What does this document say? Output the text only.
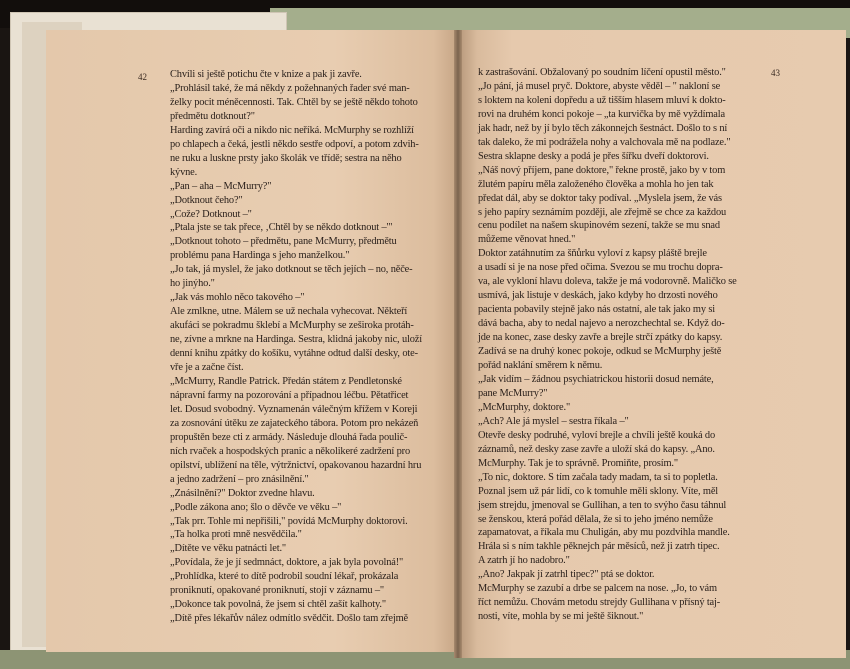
42	43
Chvíli si ještě potichu čte v knize a pak ji zavře.
„Prohlásil také, že má někdy z požehnaných řader své man-
želky pocit méněcennosti. Tak. Chtěl by se ještě někdo tohoto
předmětu dotknout?"
Harding zavírá oči a nikdo nic neříká. McMurphy se rozhlíží
po chlapech a čeká, jestli někdo sestře odpoví, a potom zdvih-
ne ruku a luskne prsty jako školák ve třídě; sestra na něho
kývne.
„Pan – aha – McMurry?"
„Dotknout čeho?"
„Cože? Dotknout –"
„Ptala jste se tak přece, ‚Chtěl by se někdo dotknout –'"
„Dotknout tohoto – předmětu, pane McMurry, předmětu
problému pana Hardinga s jeho manželkou."
„Jo tak, já myslel, že jako dotknout se těch jejích – no, něče-
ho jinýho."
„Jak vás mohlo něco takového –"
Ale zmlkne, utne. Málem se už nechala vyhecovat. Někteří
akufáci se pokradmu šklebí a McMurphy se zeširoka protáh-
ne, zívne a mrkne na Hardinga. Sestra, klidná jakoby nic, uloží
denní knihu zpátky do košíku, vytáhne odtud další desky, ote-
vře je a začne číst.
„McMurry, Randle Patrick. Předán státem z Pendletonské
nápravní farmy na pozorování a případnou léčbu. Pětatřicet
let. Dosud svobodný. Vyznamenán válečným křížem v Koreji
za zosnování útěku ze zajateckého tábora. Potom pro nekázeň
propuštěn beze cti z armády. Následuje dlouhá řada poulič-
ních rvaček a hospodských pranic a několikeré zadržení pro
opilství, ublížení na těle, výtržnictví, opakovanou hazardní hru
a jedno zadržení – pro znásilnění."
„Znásilnění?" Doktor zvedne hlavu.
„Podle zákona ano; šlo o děvče ve věku –"
„Tak prr. Tohle mi nepřišili," povídá McMurphy doktorovi.
„Ta holka proti mně nesvědčila."
„Dítěte ve věku patnácti let."
„Povídala, že je jí sedmnáct, doktore, a jak byla povolná!"
„Prohlídka, které to dítě podrobil soudní lékař, prokázala
proniknutí, opakované proniknutí, stojí v záznamu –"
„Dokonce tak povolná, že jsem si chtěl zašít kalhoty."
„Dítě přes lékařův nález odmítlo svědčit. Došlo tam zřejmě
k zastrašování. Obžalovaný po soudním líčení opustil město."
„Jo pání, já musel pryč. Doktore, abyste věděl – " nakloní se
s loktem na koleni dopředu a už tišším hlasem mluví k dokto-
rovi na druhém konci pokoje – „ta kurvička by mě vyždímala
jak hadr, než by jí bylo těch zákonnejch šestnáct. Došlo to s ní
tak daleko, že mi podrážela nohy a valchovala mě na podlaze."
Sestra sklapne desky a podá je přes šířku dveří doktorovi.
„Náš nový příjem, pane doktore," řekne prostě, jako by v tom
žlutém papíru měla založeného člověka a mohla ho jen tak
předat dál, aby se doktor taky podíval. „Myslela jsem, že vás
s jeho papíry seznámím později, ale zřejmě se chce za každou
cenu podílet na našem skupinovém sezení, takže se mu snad
můžeme věnovat hned."
Doktor zatáhnutím za šňůrku vyloví z kapsy pláště brejle
a usadí si je na nose před očima. Svezou se mu trochu dopra-
va, ale vykloní hlavu doleva, takže je má vodorovně. Maličko se
usmívá, jak listuje v deskách, jako kdyby ho drzosti nového
pacienta pobavily stejně jako nás ostatní, ale tak jako my si
dává bacha, aby to nedal najevo a nerozchechtal se. Když do-
jde na konec, zase desky zavře a brejle strčí zpátky do kapsy.
Zadívá se na druhý konec pokoje, odkud se McMurphy ještě
pořád naklání směrem k němu.
„Jak vidím – žádnou psychiatrickou historii dosud nemáte,
pane McMurry?"
„McMurphy, doktore."
„Ach? Ale já myslel – sestra říkala –"
Otevře desky podruhé, vyloví brejle a chvíli ještě kouká do
záznamů, než desky zase zavře a uloží ská do kapsy. „Ano.
McMurphy. Tak je to správně. Promiňte, prosím."
„To nic, doktore. S tím začala tady madam, ta si to popletla.
Poznal jsem už pár lidí, co k tomuhle měli sklony. Víte, měl
jsem strejdu, jmenoval se Gullihan, a ten to svýho času táhnul
se ženskou, která pořád dělala, že si to jeho jméno nemůže
zapamatovat, a říkala mu Chuligán, aby mu pozdvihla mandle.
Hrála si s ním takhle pěknejch pár měsíců, než ji zatrh tipec.
A zatrh jí ho nadobro."
„Ano? Jakpak jí zatrhl tipec?" ptá se doktor.
McMurphy se zazubí a drbe se palcem na nose. „Jo, to vám
říct nemůžu. Chovám metodu strejdy Gullihana v přísný taj-
nosti, víte, mohla by se mi ještě šiknout."
